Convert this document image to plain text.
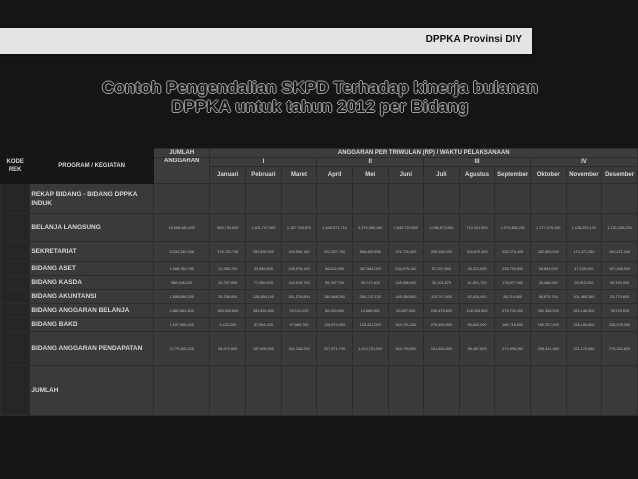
DPPKA Provinsi DIY
Contoh Pengendalian SKPD Terhadap kinerja bulanan
DPPKA untuk tahun 2012 per Bidang
KODE REK	PROGRAM / KEGIATAN	JUMLAH	ANGGARAN PER TRIWULAN (RP) / WAKTU PELAKSANAAN											
		ANGGARAN	I			II			III			IV		
			Januari	Pebruari	Maret	April	Mei	Juni	Juli	Agustus	September	Oktober	November	Desember
	REKAP BIDANG - BIDANG DPPKA INDUK													
	BELANJA LANGSUNG	18,658,480,400	689,734,600	1,301,707,600	1,187,708,870	1,636,572,716	2,376,486,180	1,842,729,600	1,066,672,660	710,161,500	1,379,368,260	1,177,079,440	1,138,292,140	1,151,268,234
	SEKRETARIAT	5,234,280,436	178,752,748	284,896,600	169,556,180	422,257,760	658,465,698	701,726,400	298,356,000	318,875,300	228,376,406	262,650,000	173,471,280	169,421,046
	BIDANG ASET	1,088,782,760	21,365,700	33,986,800	108,978,100	88,632,000	267,584,000	226,975,150	57,257,800	28,021,600	228,755,800	58,854,000	47,105,000	167,268,910
	BIDANG KASDA	988,946,225	24,757,600	77,289,500	100,615,700	59,787,700	28,717,400	148,936,600	30,101,875	41,691,720	176,877,400	33,488,280	28,913,200	95,153,900
	BIDANG AKUNTANSI	1,898,686,330	28,785,600	128,686,100	261,278,800	180,968,300	284,712,120	148,354,600	115,797,600	62,024,900	28,219,800	68,879,700	101,465,380	23,779,600
	BIDANG ANGGARAN BELANJA	2,862,681,800	185,339,600	383,834,600	93,101,000	86,280,600	14,686,960	83,857,600	238,478,800	148,335,600	575,700,400	282,384,000	283,146,500	78,578,600
	BIDANG BAKD	1,637,988,400	4,423,200	57,964,200	47,884,760	126,874,000	123,421,000	163,791,280	278,456,800	66,842,000	166,718,600	150,257,400	228,186,800	236,378,280
	BIDANG ANGGARAN PENDAPATAN	3,779,326,225	84,972,600	187,698,900	261,348,200	327,971,700	1,013,724,000	163,795,600	151,864,600	98,487,800	271,896,260	255,341,480	221,175,980	276,182,825
	JUMLAH													
